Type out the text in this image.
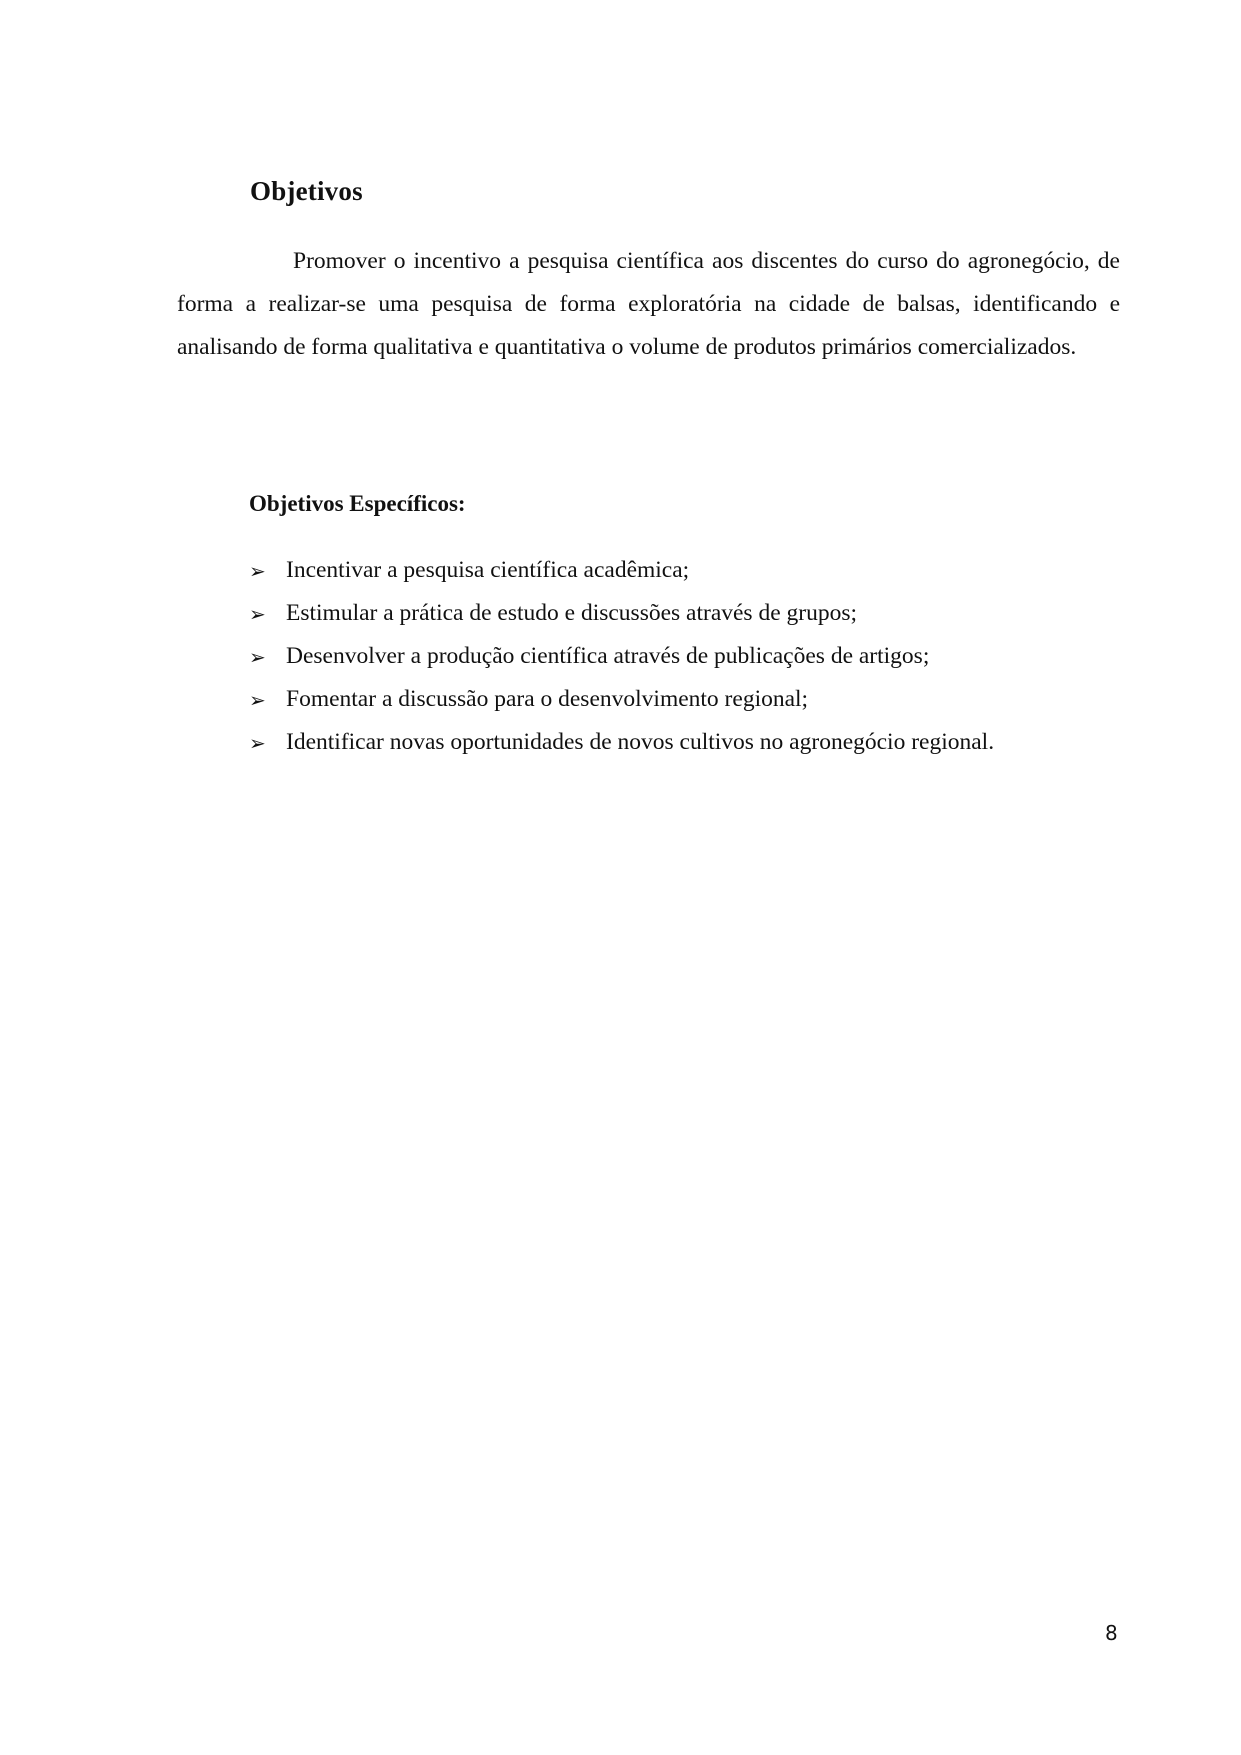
Objetivos

Promover o incentivo a pesquisa científica aos discentes do curso do agronegócio, de forma a realizar-se uma pesquisa de forma exploratória na cidade de balsas, identificando e analisando de forma qualitativa e quantitativa o volume de produtos primários comercializados.

Objetivos Específicos:
➢ Incentivar a pesquisa científica acadêmica;
➢ Estimular a prática de estudo e discussões através de grupos;
➢ Desenvolver a produção científica através de publicações de artigos;
➢ Fomentar a discussão para o desenvolvimento regional;
➢ Identificar novas oportunidades de novos cultivos no agronegócio regional.

8
